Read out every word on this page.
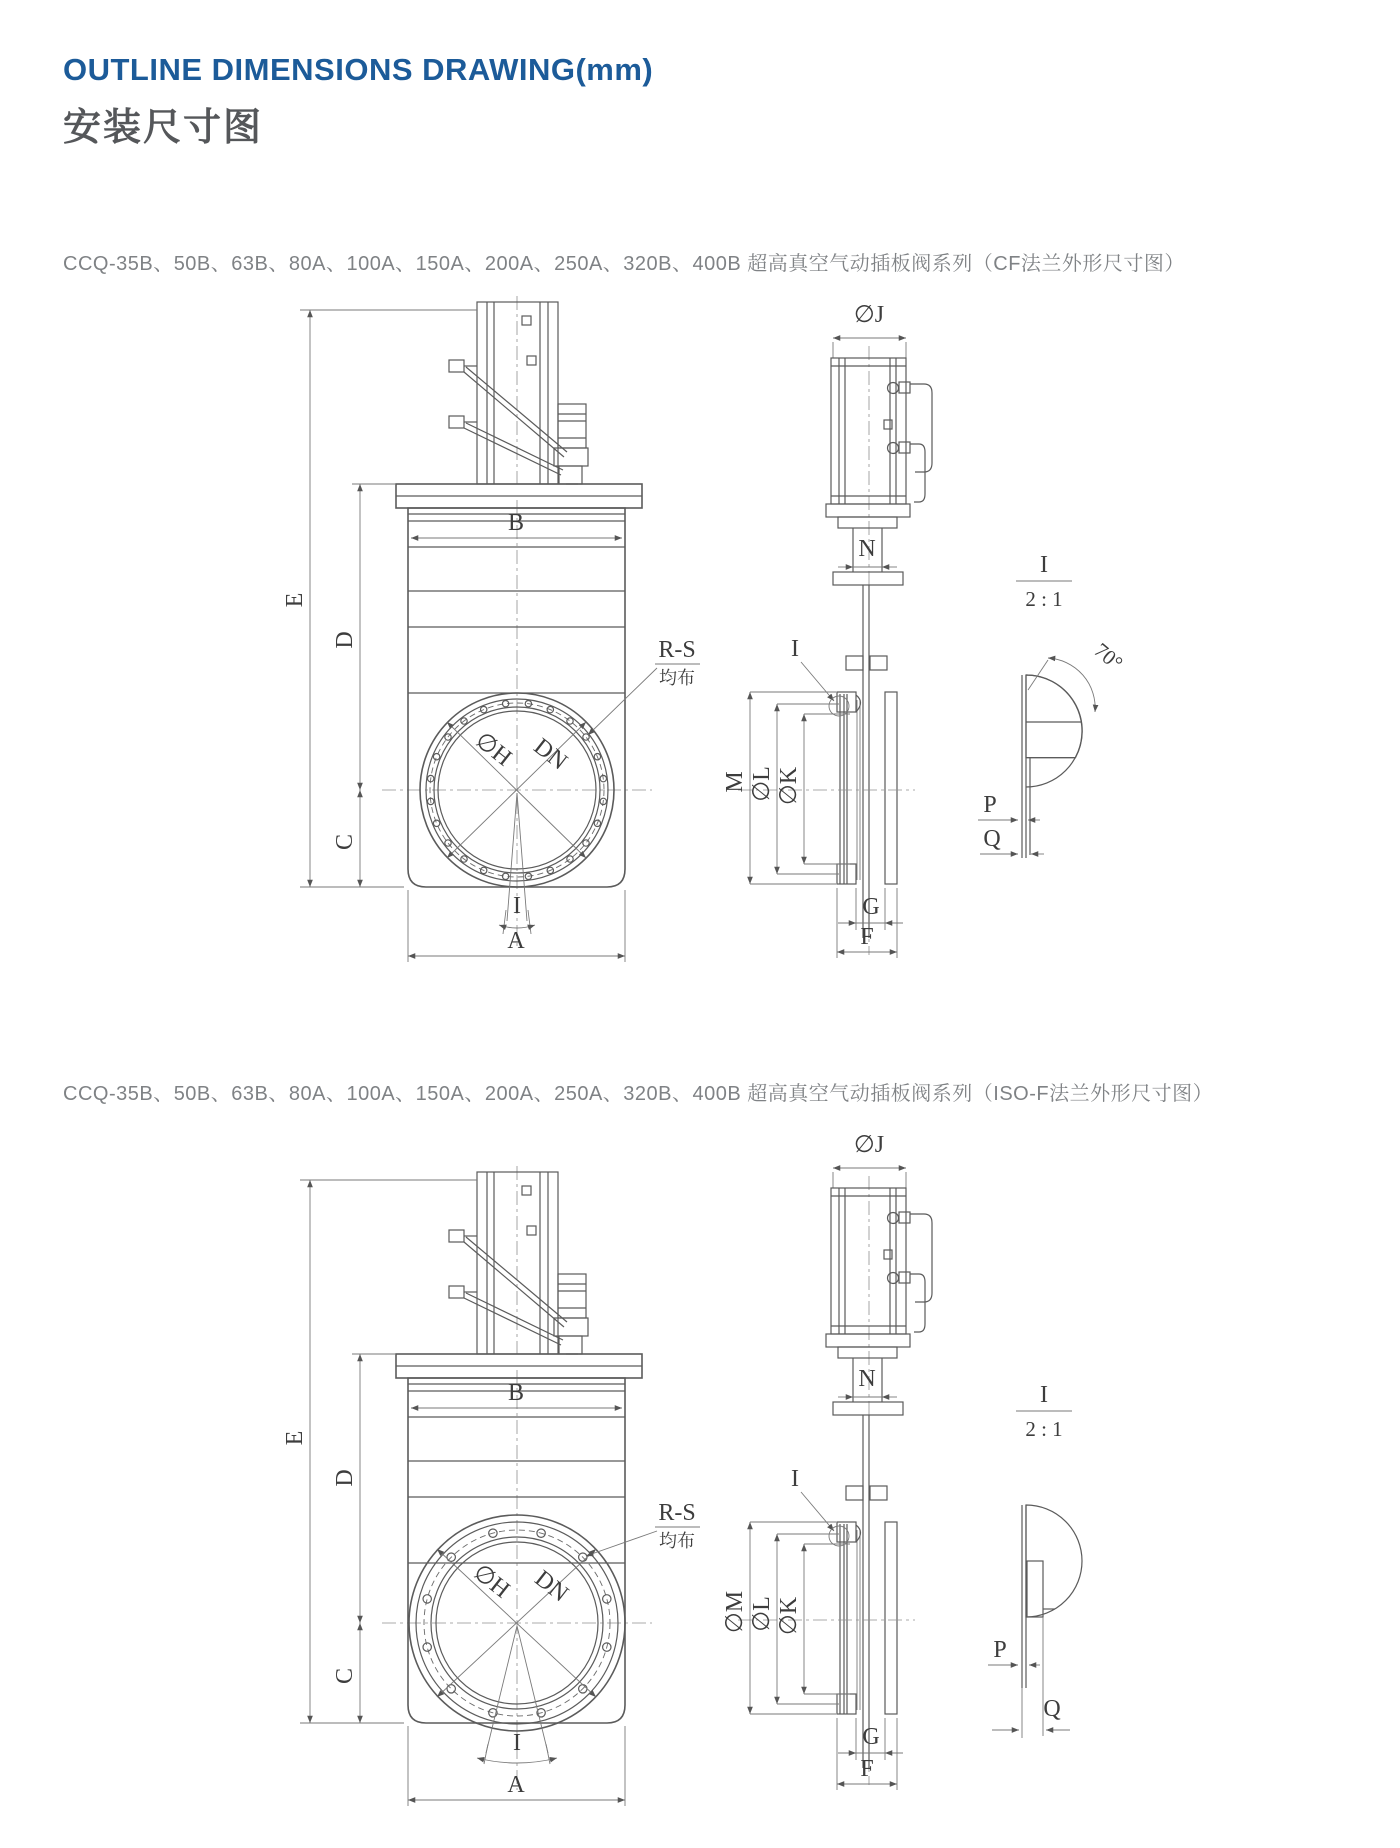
OUTLINE DIMENSIONS DRAWING(mm)
安装尺寸图

CCQ-35B、50B、63B、80A、100A、150A、200A、250A、320B、400B 超高真空气动插板阀系列（CF法兰外形尺寸图）

∅H DN
I
B
E
D
C
A
R-S
均布
∅J
N
M ∅L ∅K
I
G
F
I
2 : 1
70°
P
Q

CCQ-35B、50B、63B、80A、100A、150A、200A、250A、320B、400B 超高真空气动插板阀系列（ISO-F法兰外形尺寸图）

∅H DN
I
B
E
D
C
A
R-S
均布
∅J
N
∅M ∅L ∅K
I
G
F
I
2 : 1
P
Q
